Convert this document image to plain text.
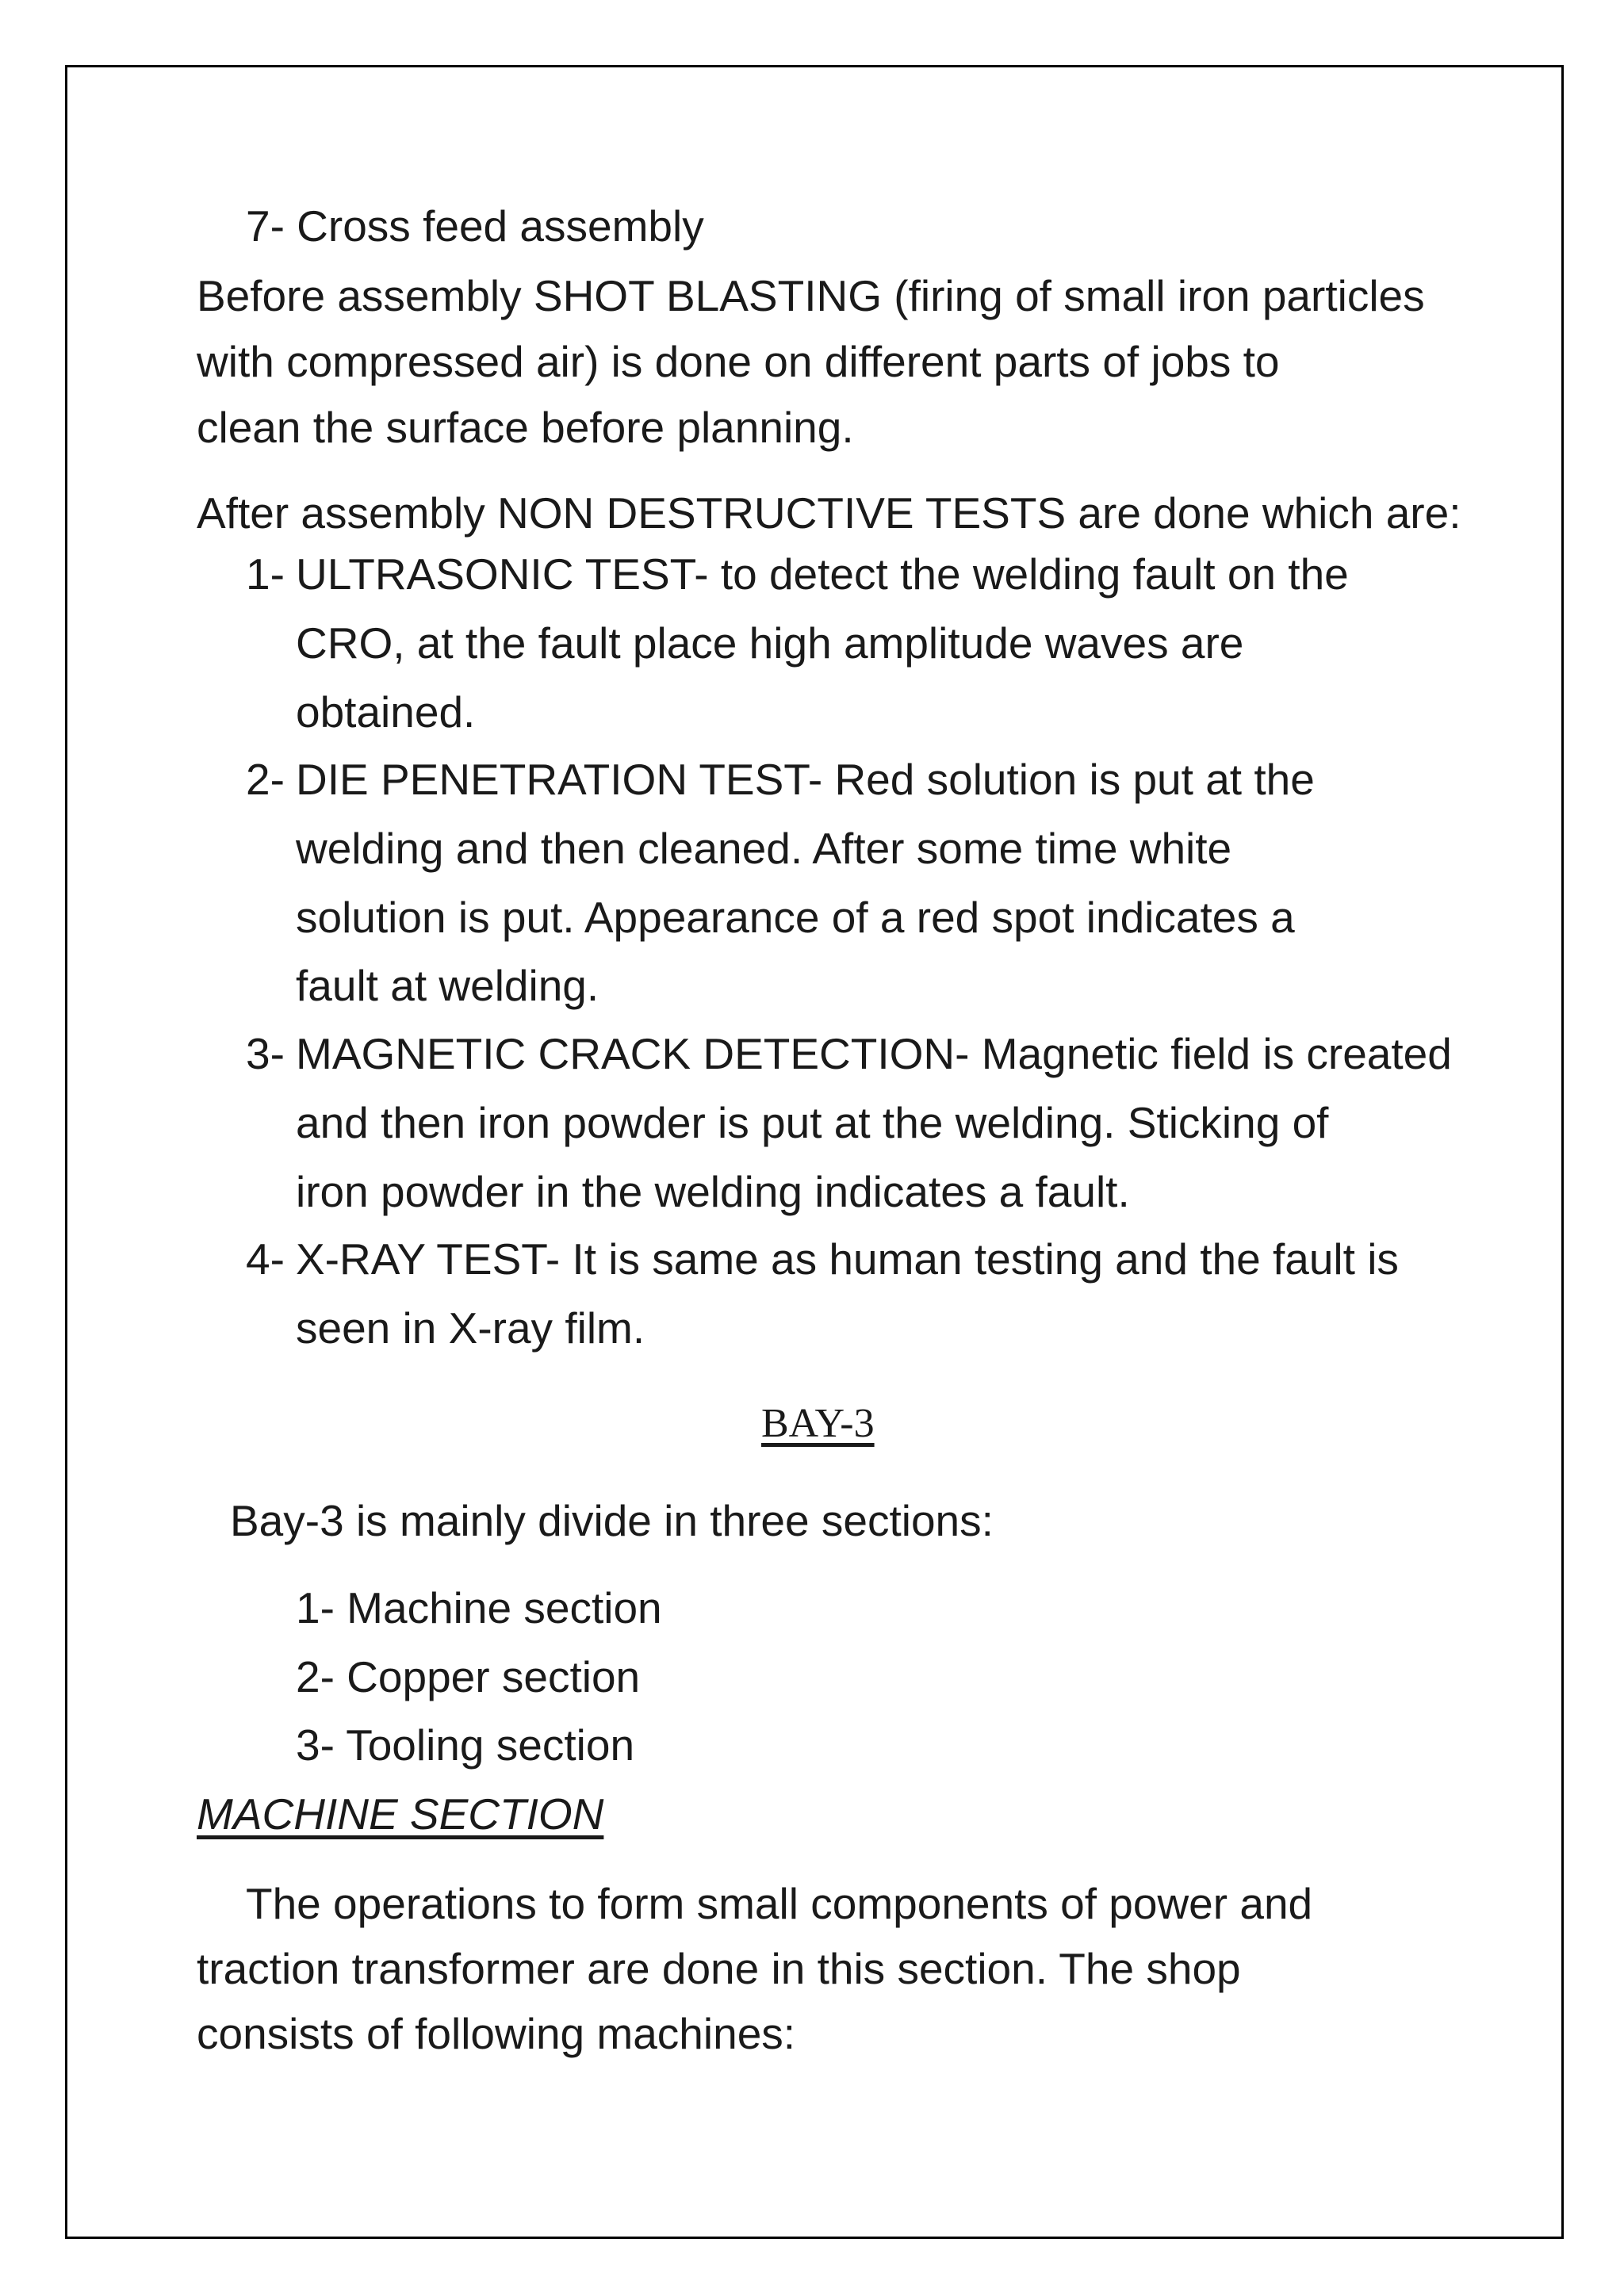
7- Cross feed assembly
Before assembly SHOT BLASTING (firing of small iron particles
with compressed air) is done on different parts of jobs to
clean the surface before planning.
After assembly NON DESTRUCTIVE TESTS are done which are:
1- ULTRASONIC TEST- to detect the welding fault on the
CRO, at the fault place high amplitude waves are
obtained.
2- DIE PENETRATION TEST- Red solution is put at the
welding and then cleaned. After some time white
solution is put. Appearance of a red spot indicates a
fault at welding.
3- MAGNETIC CRACK DETECTION- Magnetic field is created
and then iron powder is put at the welding. Sticking of
iron powder in the welding indicates a fault.
4- X-RAY TEST- It is same as human testing and the fault is
seen in X-ray film.
BAY-3
Bay-3 is mainly divide in three sections:
1- Machine section
2- Copper section
3- Tooling section
MACHINE SECTION
The operations to form small components of power and
traction transformer are done in this section. The shop
consists of following machines:
